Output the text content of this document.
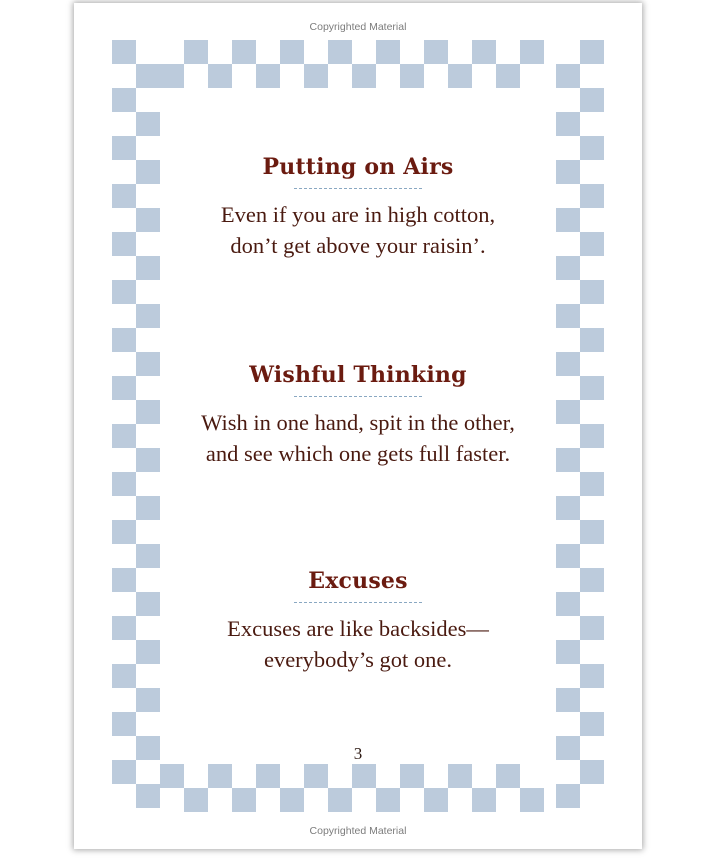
Copyrighted Material
Putting on Airs
Even if you are in high cotton,
don’t get above your raisin’.
Wishful Thinking
Wish in one hand, spit in the other,
and see which one gets full faster.
Excuses
Excuses are like backsides—
everybody’s got one.
3
Copyrighted Material
